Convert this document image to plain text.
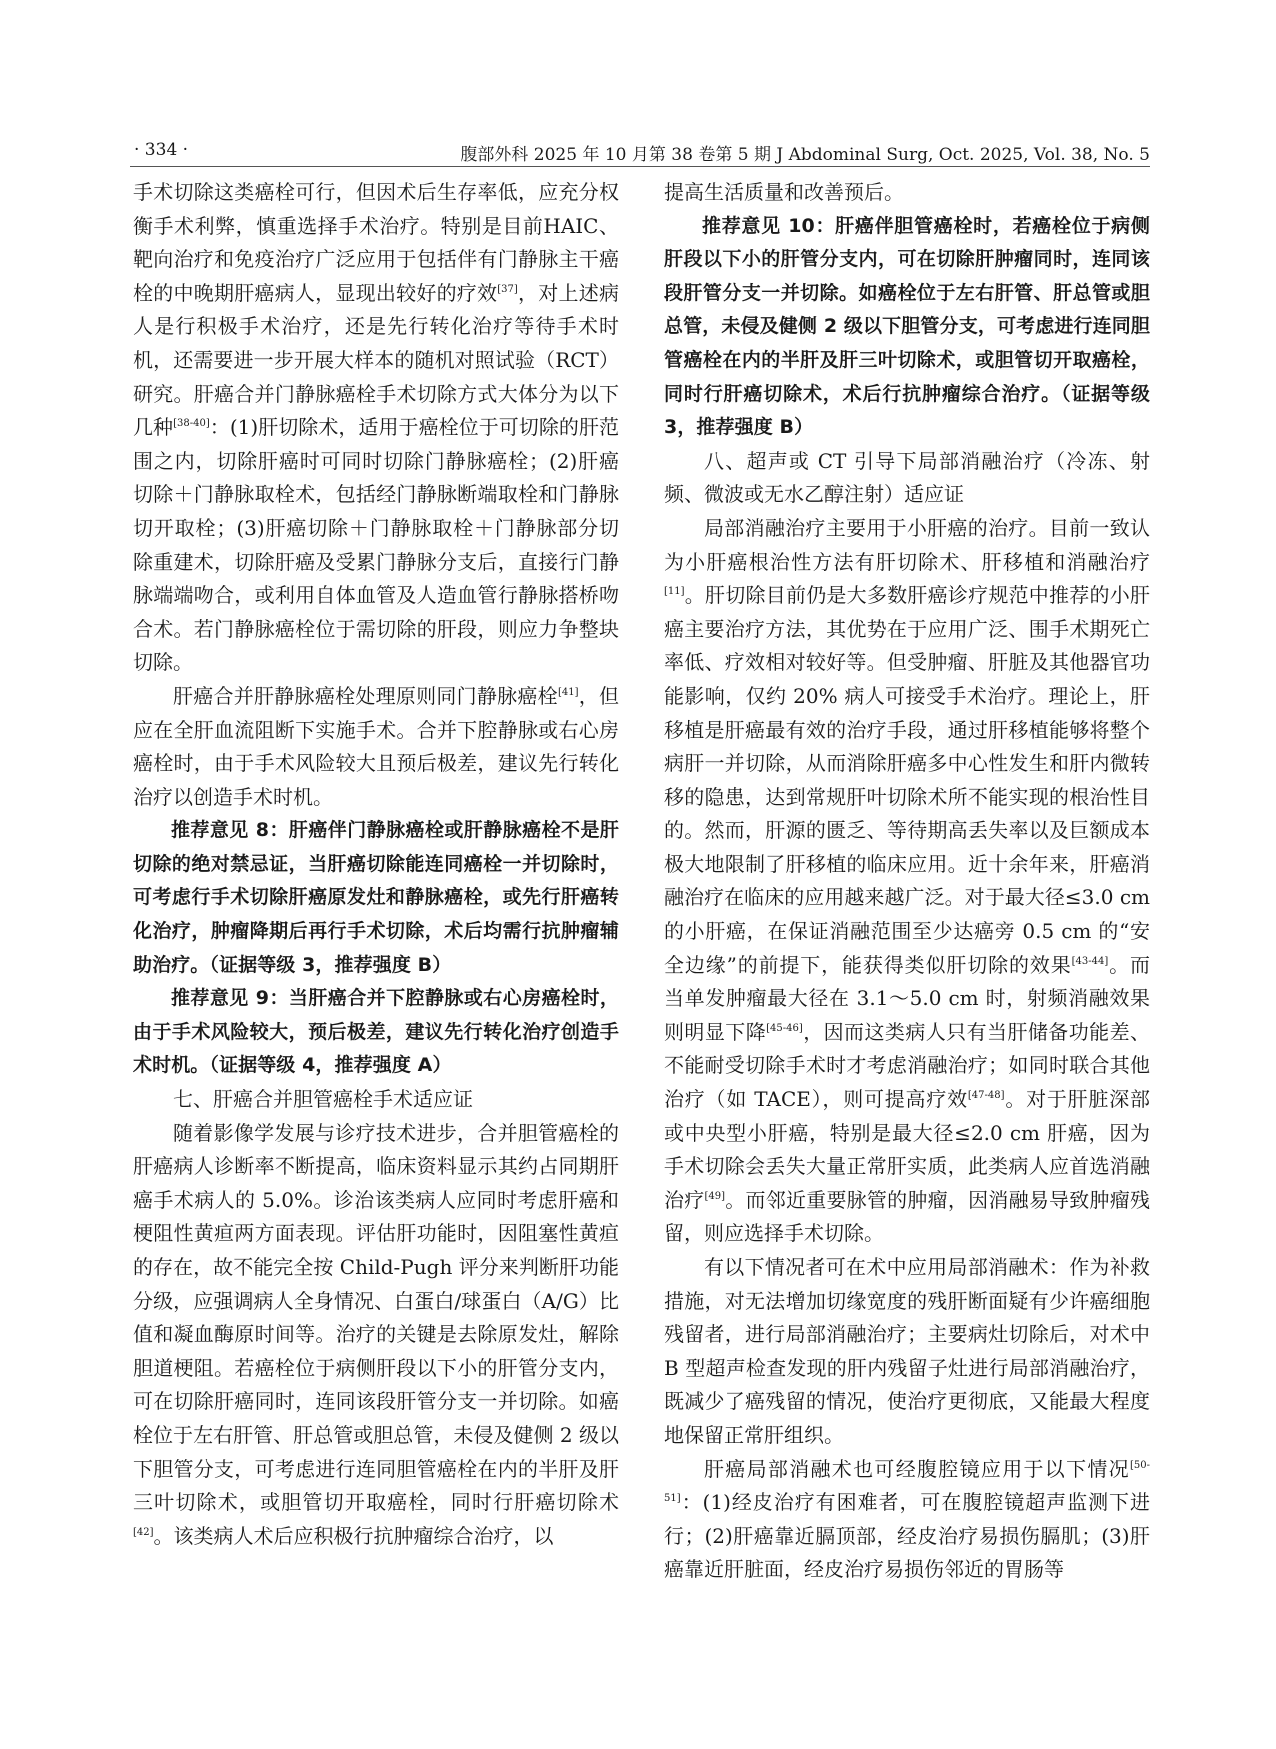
· 334 ·	腹部外科 2025 年 10 月第 38 卷第 5 期 J Abdominal Surg, Oct. 2025, Vol. 38, No. 5

手术切除这类癌栓可行，但因术后生存率低，应充分权衡手术利弊，慎重选择手术治疗。特别是目前HAIC、靶向治疗和免疫治疗广泛应用于包括伴有门静脉主干癌栓的中晚期肝癌病人，显现出较好的疗效[37]，对上述病人是行积极手术治疗，还是先行转化治疗等待手术时机，还需要进一步开展大样本的随机对照试验（RCT）研究。肝癌合并门静脉癌栓手术切除方式大体分为以下几种[38-40]：(1)肝切除术，适用于癌栓位于可切除的肝范围之内，切除肝癌时可同时切除门静脉癌栓；(2)肝癌切除＋门静脉取栓术，包括经门静脉断端取栓和门静脉切开取栓；(3)肝癌切除＋门静脉取栓＋门静脉部分切除重建术，切除肝癌及受累门静脉分支后，直接行门静脉端端吻合，或利用自体血管及人造血管行静脉搭桥吻合术。若门静脉癌栓位于需切除的肝段，则应力争整块切除。

肝癌合并肝静脉癌栓处理原则同门静脉癌栓[41]，但应在全肝血流阻断下实施手术。合并下腔静脉或右心房癌栓时，由于手术风险较大且预后极差，建议先行转化治疗以创造手术时机。

推荐意见 8：肝癌伴门静脉癌栓或肝静脉癌栓不是肝切除的绝对禁忌证，当肝癌切除能连同癌栓一并切除时，可考虑行手术切除肝癌原发灶和静脉癌栓，或先行肝癌转化治疗，肿瘤降期后再行手术切除，术后均需行抗肿瘤辅助治疗。（证据等级 3，推荐强度 B）

推荐意见 9：当肝癌合并下腔静脉或右心房癌栓时，由于手术风险较大，预后极差，建议先行转化治疗创造手术时机。（证据等级 4，推荐强度 A）

七、肝癌合并胆管癌栓手术适应证

随着影像学发展与诊疗技术进步，合并胆管癌栓的肝癌病人诊断率不断提高，临床资料显示其约占同期肝癌手术病人的 5.0%。诊治该类病人应同时考虑肝癌和梗阻性黄疸两方面表现。评估肝功能时，因阻塞性黄疸的存在，故不能完全按 Child-Pugh 评分来判断肝功能分级，应强调病人全身情况、白蛋白/球蛋白（A/G）比值和凝血酶原时间等。治疗的关键是去除原发灶，解除胆道梗阻。若癌栓位于病侧肝段以下小的肝管分支内，可在切除肝癌同时，连同该段肝管分支一并切除。如癌栓位于左右肝管、肝总管或胆总管，未侵及健侧 2 级以下胆管分支，可考虑进行连同胆管癌栓在内的半肝及肝三叶切除术，或胆管切开取癌栓，同时行肝癌切除术[42]。该类病人术后应积极行抗肿瘤综合治疗，以

提高生活质量和改善预后。

推荐意见 10：肝癌伴胆管癌栓时，若癌栓位于病侧肝段以下小的肝管分支内，可在切除肝肿瘤同时，连同该段肝管分支一并切除。如癌栓位于左右肝管、肝总管或胆总管，未侵及健侧 2 级以下胆管分支，可考虑进行连同胆管癌栓在内的半肝及肝三叶切除术，或胆管切开取癌栓，同时行肝癌切除术，术后行抗肿瘤综合治疗。（证据等级 3，推荐强度 B）

八、超声或 CT 引导下局部消融治疗（冷冻、射频、微波或无水乙醇注射）适应证

局部消融治疗主要用于小肝癌的治疗。目前一致认为小肝癌根治性方法有肝切除术、肝移植和消融治疗[11]。肝切除目前仍是大多数肝癌诊疗规范中推荐的小肝癌主要治疗方法，其优势在于应用广泛、围手术期死亡率低、疗效相对较好等。但受肿瘤、肝脏及其他器官功能影响，仅约 20% 病人可接受手术治疗。理论上，肝移植是肝癌最有效的治疗手段，通过肝移植能够将整个病肝一并切除，从而消除肝癌多中心性发生和肝内微转移的隐患，达到常规肝叶切除术所不能实现的根治性目的。然而，肝源的匮乏、等待期高丢失率以及巨额成本极大地限制了肝移植的临床应用。近十余年来，肝癌消融治疗在临床的应用越来越广泛。对于最大径≤3.0 cm 的小肝癌，在保证消融范围至少达癌旁 0.5 cm 的“安全边缘”的前提下，能获得类似肝切除的效果[43-44]。而当单发肿瘤最大径在 3.1～5.0 cm 时，射频消融效果则明显下降[45-46]，因而这类病人只有当肝储备功能差、不能耐受切除手术时才考虑消融治疗；如同时联合其他治疗（如 TACE），则可提高疗效[47-48]。对于肝脏深部或中央型小肝癌，特别是最大径≤2.0 cm 肝癌，因为手术切除会丢失大量正常肝实质，此类病人应首选消融治疗[49]。而邻近重要脉管的肿瘤，因消融易导致肿瘤残留，则应选择手术切除。

有以下情况者可在术中应用局部消融术：作为补救措施，对无法增加切缘宽度的残肝断面疑有少许癌细胞残留者，进行局部消融治疗；主要病灶切除后，对术中 B 型超声检查发现的肝内残留子灶进行局部消融治疗，既减少了癌残留的情况，使治疗更彻底，又能最大程度地保留正常肝组织。

肝癌局部消融术也可经腹腔镜应用于以下情况[50-51]：(1)经皮治疗有困难者，可在腹腔镜超声监测下进行；(2)肝癌靠近膈顶部，经皮治疗易损伤膈肌；(3)肝癌靠近肝脏面，经皮治疗易损伤邻近的胃肠等
